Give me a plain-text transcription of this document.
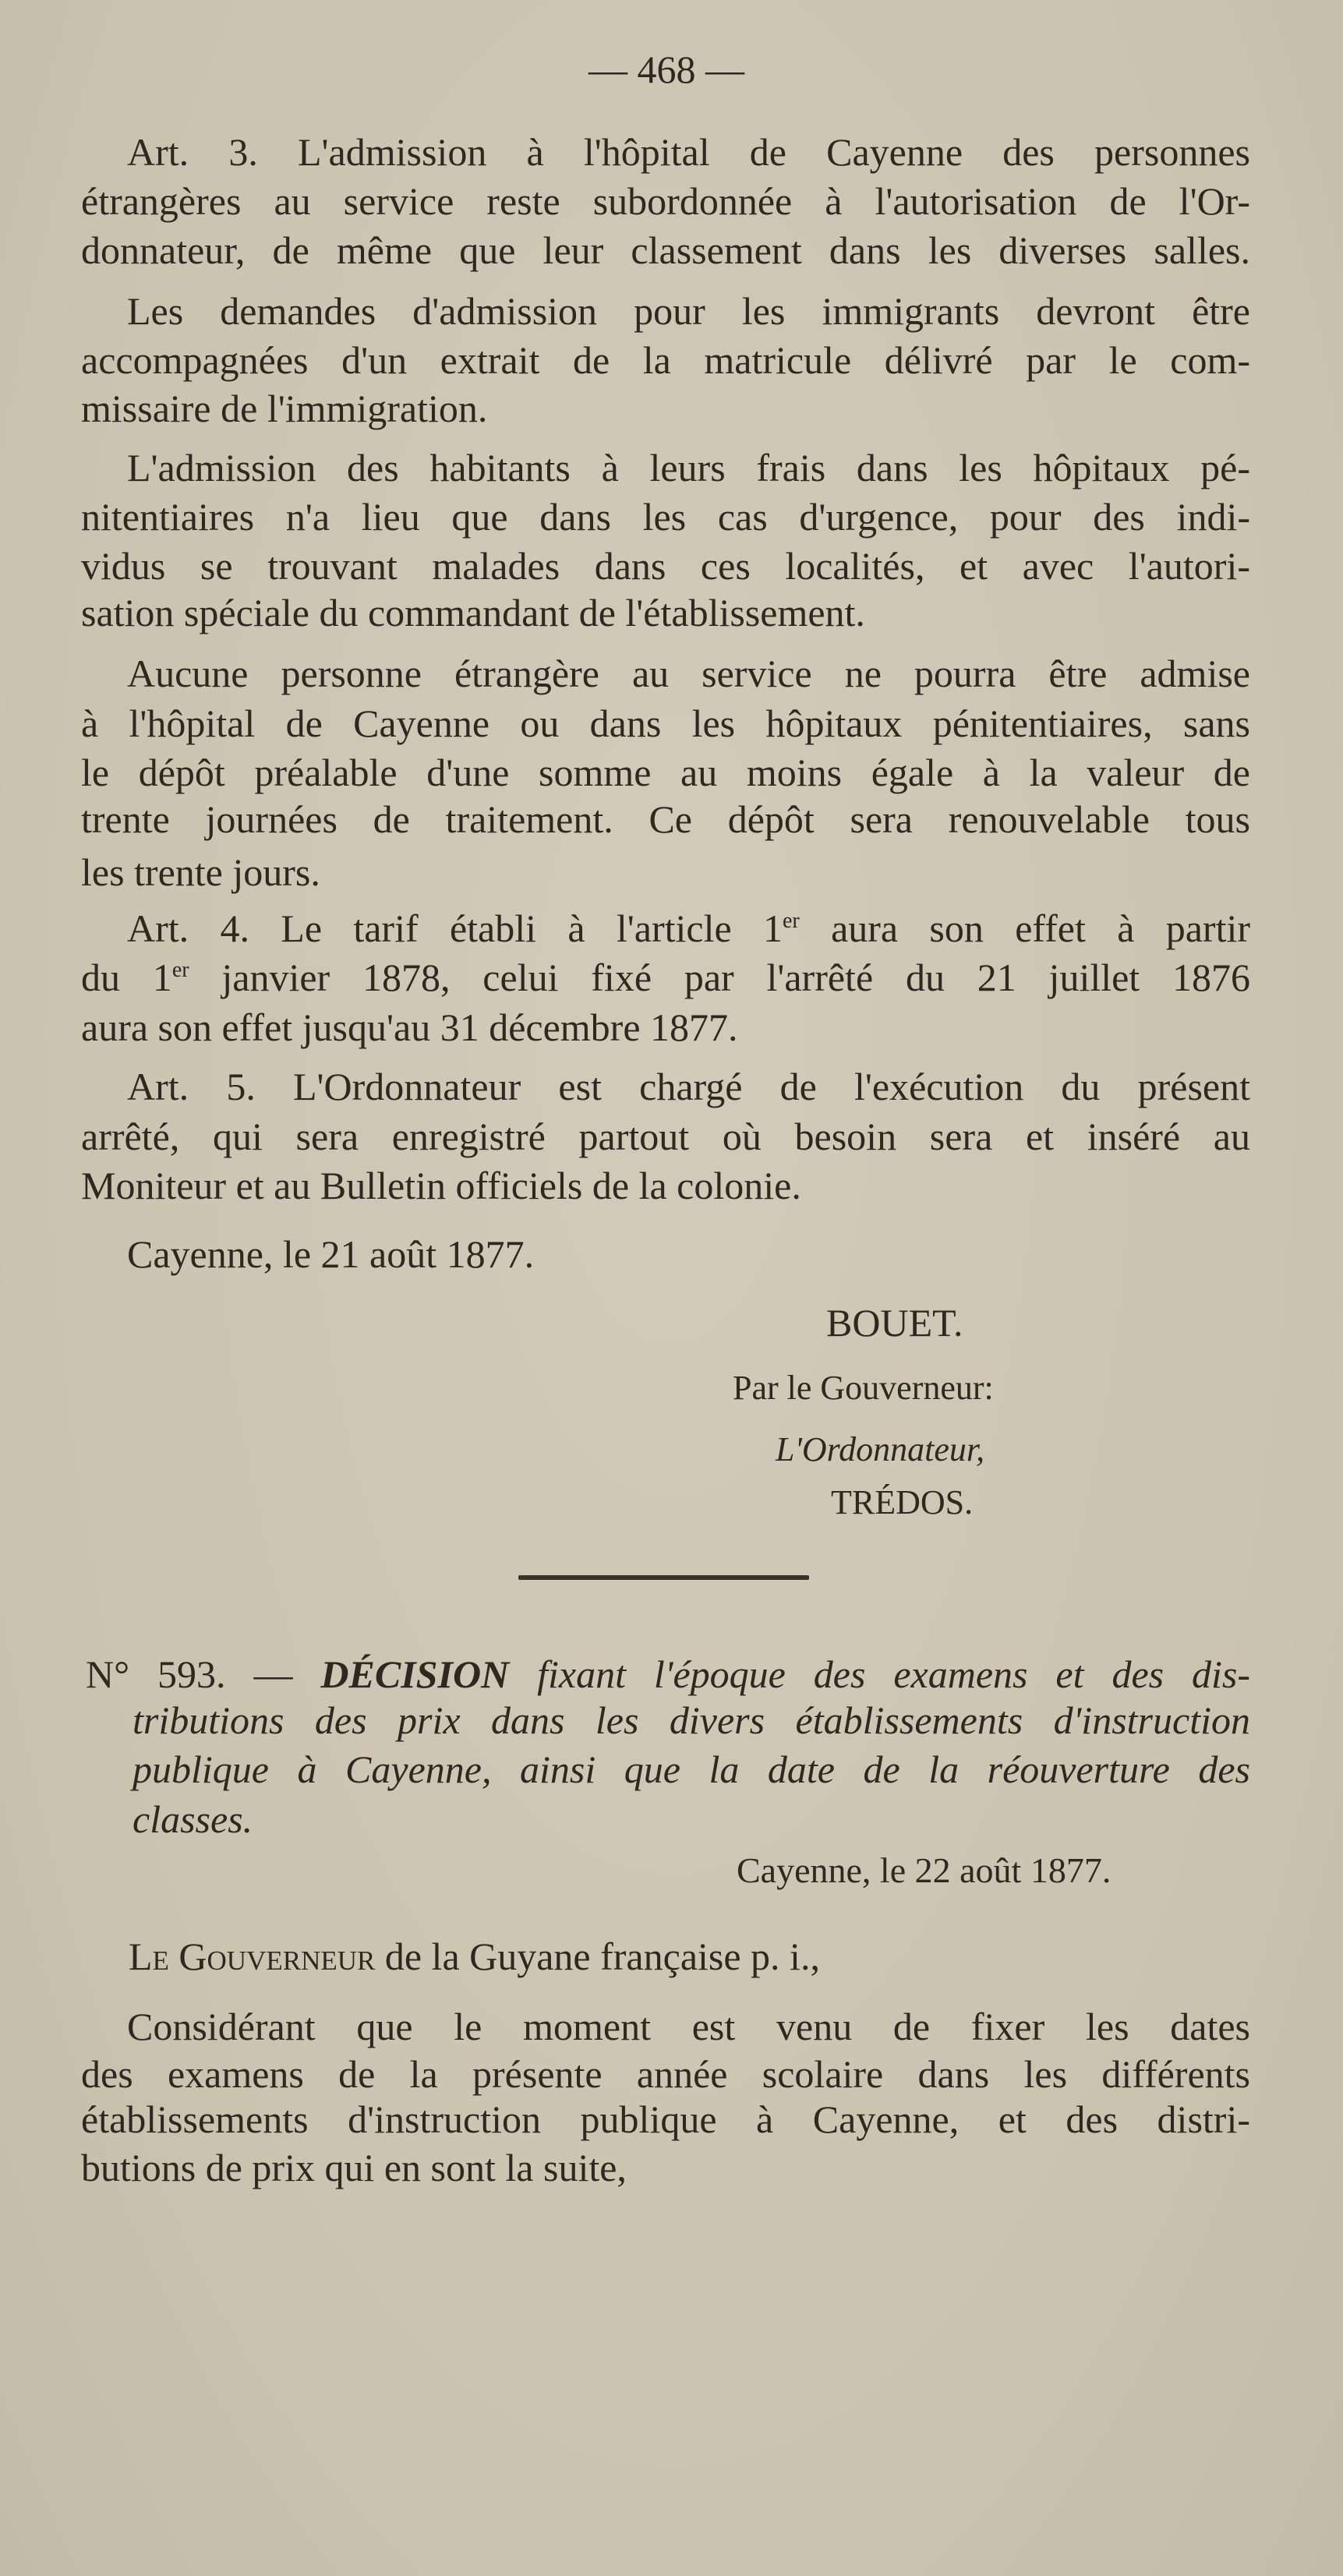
— 468 —
Art. 3. L'admission à l'hôpital de Cayenne des personnes
étrangères au service reste subordonnée à l'autorisation de l'Or-
donnateur, de même que leur classement dans les diverses salles.
Les demandes d'admission pour les immigrants devront être
accompagnées d'un extrait de la matricule délivré par le com-
missaire de l'immigration.
L'admission des habitants à leurs frais dans les hôpitaux pé-
nitentiaires n'a lieu que dans les cas d'urgence, pour des indi-
vidus se trouvant malades dans ces localités, et avec l'autori-
sation spéciale du commandant de l'établissement.
Aucune personne étrangère au service ne pourra être admise
à l'hôpital de Cayenne ou dans les hôpitaux pénitentiaires, sans
le dépôt préalable d'une somme au moins égale à la valeur de
trente journées de traitement. Ce dépôt sera renouvelable tous
les trente jours.
Art. 4. Le tarif établi à l'article 1er aura son effet à partir
du 1er janvier 1878, celui fixé par l'arrêté du 21 juillet 1876
aura son effet jusqu'au 31 décembre 1877.
Art. 5. L'Ordonnateur est chargé de l'exécution du présent
arrêté, qui sera enregistré partout où besoin sera et inséré au
Moniteur et au Bulletin officiels de la colonie.
Cayenne, le 21 août 1877.
BOUET.
Par le Gouverneur:
L'Ordonnateur,
TRÉDOS.
N° 593. — DÉCISION fixant l'époque des examens et des dis-
tributions des prix dans les divers établissements d'instruction
publique à Cayenne, ainsi que la date de la réouverture des
classes.
Cayenne, le 22 août 1877.
Le Gouverneur de la Guyane française p. i.,
Considérant que le moment est venu de fixer les dates
des examens de la présente année scolaire dans les différents
établissements d'instruction publique à Cayenne, et des distri-
butions de prix qui en sont la suite,
